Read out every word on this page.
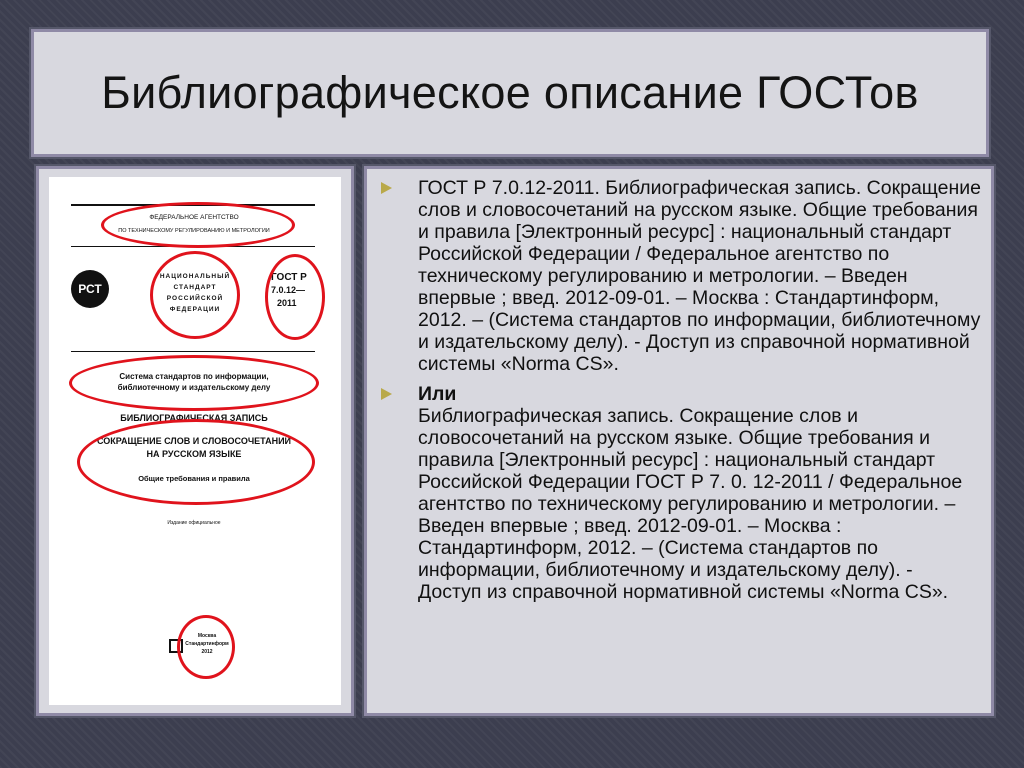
Библиографическое описание ГОСТов
ФЕДЕРАЛЬНОЕ АГЕНТСТВО
ПО ТЕХНИЧЕСКОМУ РЕГУЛИРОВАНИЮ И МЕТРОЛОГИИ
РСТ
НАЦИОНАЛЬНЫЙ
СТАНДАРТ
РОССИЙСКОЙ
ФЕДЕРАЦИИ
ГОСТ Р
7.0.12—
2011
Система стандартов по информации,
библиотечному и издательскому делу
БИБЛИОГРАФИЧЕСКАЯ ЗАПИСЬ
СОКРАЩЕНИЕ СЛОВ И СЛОВОСОЧЕТАНИЙ
НА РУССКОМ ЯЗЫКЕ
Общие требования и правила
Издание официальное
Москва
Стандартинформ
2012
ГОСТ Р 7.0.12-2011. Библиографическая запись. Сокращение слов и словосочетаний на русском языке. Общие требования и правила [Электронный ресурс] : национальный стандарт Российской Федерации / Федеральное агентство по техническому регулированию и метрологии. – Введен впервые ; введ. 2012-09-01. – Москва : Стандартинформ, 2012. – (Система стандартов по информации, библиотечному и издательскому делу). - Доступ из справочной нормативной системы «Norma CS».
Или
Библиографическая запись. Сокращение слов и словосочетаний на русском языке. Общие требования и правила [Электронный ресурс] : национальный стандарт Российской Федерации ГОСТ Р 7. 0. 12-2011 / Федеральное агентство по техническому регулированию и метрологии. – Введен впервые ; введ. 2012-09-01. – Москва : Стандартинформ, 2012. – (Система стандартов по информации, библиотечному и издательскому делу). - Доступ из справочной нормативной системы «Norma CS».
